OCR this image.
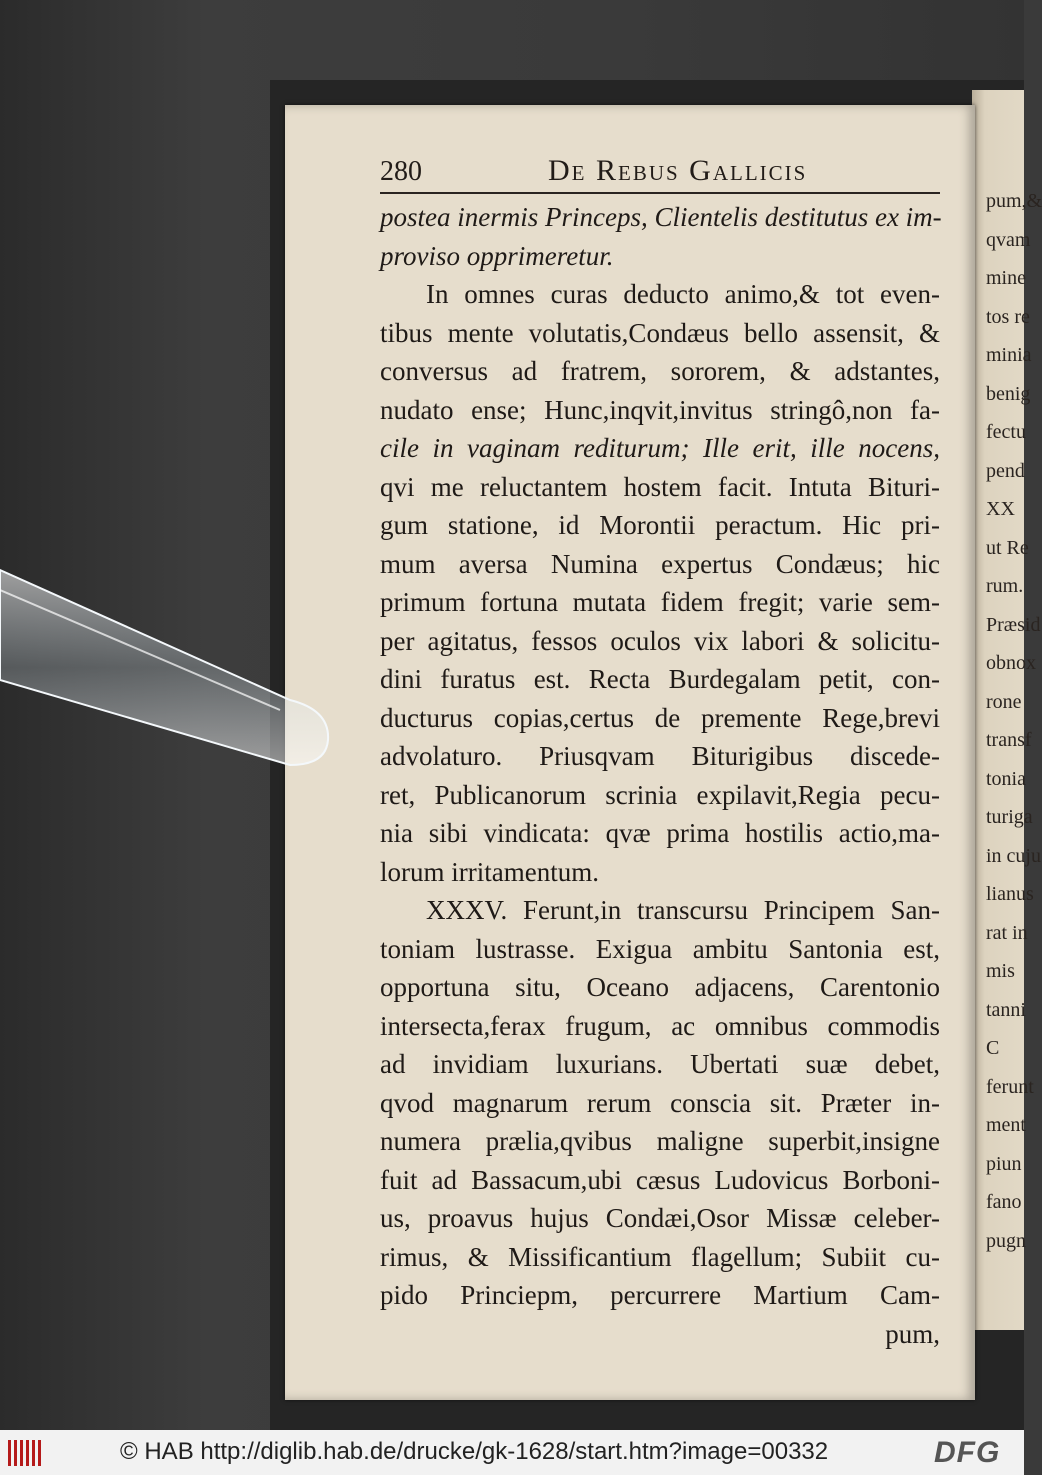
pum,&
qvam
mine
tos re
minia
benig
fectu
pend
XX
ut Re
rum.
Præsid
obnox
rone
transf
tonia
turiga
in cuju
lianus
rat in
mis
tanni
C
ferunt
ment
piun
fano
pugn
280	De Rebus Gallicis
postea inermis Princeps, Clientelis destitutus ex im-
proviso opprimeretur.
In omnes curas deducto animo,& tot even-
tibus mente volutatis,Condæus bello assensit, &
conversus ad fratrem, sororem, & adstantes,
nudato ense; Hunc,inqvit,invitus stringô,non fa-
cile in vaginam rediturum; Ille erit, ille nocens,
qvi me reluctantem hostem facit. Intuta Bituri-
gum statione, id Morontii peractum. Hic pri-
mum aversa Numina expertus Condæus; hic
primum fortuna mutata fidem fregit; varie sem-
per agitatus, fessos oculos vix labori & solicitu-
dini furatus est. Recta Burdegalam petit, con-
ducturus copias,certus de premente Rege,brevi
advolaturo. Priusqvam Biturigibus discede-
ret, Publicanorum scrinia expilavit,Regia pecu-
nia sibi vindicata: qvæ prima hostilis actio,ma-
lorum irritamentum.
XXXV. Ferunt,in transcursu Principem San-
toniam lustrasse. Exigua ambitu Santonia est,
opportuna situ, Oceano adjacens, Carentonio
intersecta,ferax frugum, ac omnibus commodis
ad invidiam luxurians. Ubertati suæ debet,
qvod magnarum rerum conscia sit. Præter in-
numera prælia,qvibus maligne superbit,insigne
fuit ad Bassacum,ubi cæsus Ludovicus Borboni-
us, proavus hujus Condæi,Osor Missæ celeber-
rimus, & Missificantium flagellum; Subiit cu-
pido Princiepm, percurrere Martium Cam-
pum,
© HAB http://diglib.hab.de/drucke/gk-1628/start.htm?image=00332	DFG
